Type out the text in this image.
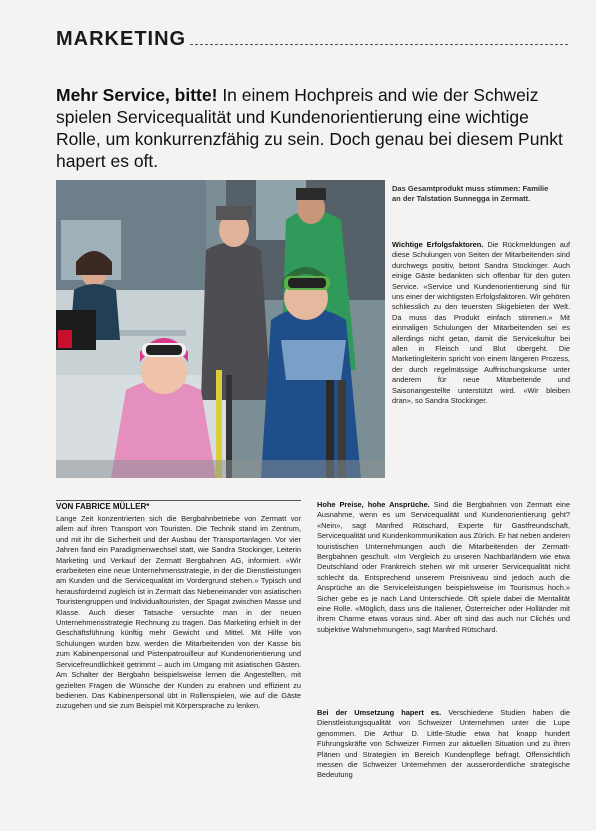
MARKETING
Mehr Service, bitte! In einem Hochpreis and wie der Schweiz spielen Servicequalität und Kundenorientierung eine wichtige Rolle, um konkurrenzfähig zu sein. Doch genau bei diesem Punkt hapert es oft.
Das Gesamtprodukt muss stimmen: Familie an der Talstation Sunnegga in Zermatt.
Wichtige Erfolgsfaktoren. Die Rückmeldungen auf diese Schulungen von Seiten der Mitarbeitenden sind durchwegs positiv, betont Sandra Stockinger. Auch einige Gäste bedankten sich offenbar für den guten Service. «Service und Kundenorientierung sind für uns einer der wichtigsten Erfolgsfaktoren. Wir gehören schliesslich zu den teuersten Skigebieten der Welt. Da muss das Produkt einfach stimmen.» Mit einmaligen Schulungen der Mitarbeitenden sei es allerdings nicht getan, damit die Servicekultur bei allen in Fleisch und Blut übergeht. Die Marketingleiterin spricht von einem längeren Prozess, der durch regelmässige Auffrischungskurse unter anderem für neue Mitarbeitende und Saisonangestellte unterstützt wird. «Wir bleiben dran», so Sandra Stockinger.
VON FABRICE MÜLLER*
Lange Zeit konzentrierten sich die Bergbahnbetriebe von Zermatt vor allem auf ihren Transport von Touristen. Die Technik stand im Zentrum, und mit ihr die Sicherheit und der Ausbau der Transportanlagen. Vor vier Jahren fand ein Paradigmenwechsel statt, wie Sandra Stockinger, Leiterin Marketing und Verkauf der Zermatt Bergbahnen AG, informiert. «Wir erarbeiteten eine neue Unternehmensstrategie, in der die Dienstleistungen am Kunden und die Servicequalität im Vordergrund stehen.» Typisch und herausfordernd zugleich ist in Zermatt das Nebeneinander von asiatischen Touristengruppen und Individualtouristen, der Spagat zwischen Masse und Klasse. Auch dieser Tatsache versuchte man in der neuen Unternehmensstrategie Rechnung zu tragen. Das Marketing erhielt in der Geschäftsführung künftig mehr Gewicht und Mittel. Mit Hilfe von Schulungen wurden bzw. werden die Mitarbeitenden von der Kasse bis zum Kabinenpersonal und Pistenpatrouilleur auf Kundenorientierung und Servicefreundlichkeit getrimmt – auch im Umgang mit asiatischen Gästen. Am Schalter der Bergbahn beispielsweise lernen die Angestellten, mit gezielten Fragen die Wünsche der Kunden zu erahnen und effizient zu bedienen. Das Kabinenpersonal übt in Rollenspielen, wie auf die Gäste zuzugehen und sie zum Beispiel mit Körpersprache zu lenken.
Hohe Preise, hohe Ansprüche. Sind die Bergbahnen von Zermatt eine Ausnahme, wenn es um Servicequalität und Kundenorientierung geht? «Nein», sagt Manfred Rütschard, Experte für Gastfreundschaft, Servicequalität und Kundenkommunikation aus Zürich. Er hat neben anderen touristischen Unternehmungen auch die Mitarbeitenden der Zermatt-Bergbahnen geschult. «Im Vergleich zu unseren Nachbarländern wie etwa Deutschland oder Frankreich stehen wir mit unserer Servicequalität nicht schlecht da. Entsprechend unserem Preisniveau sind jedoch auch die Ansprüche an die Serviceleistungen beispielsweise im Tourismus hoch.» Sicher gebe es je nach Land Unterschiede. Oft spiele dabei die Mentalität eine Rolle. «Möglich, dass uns die Italiener, Österreicher oder Holländer mit ihrem Charme etwas voraus sind. Aber oft sind das auch nur Clichés und subjektive Wahrnehmungen», sagt Manfred Rütschard.
Bei der Umsetzung hapert es. Verschiedene Studien haben die Dienstleistungsqualität von Schweizer Unternehmen unter die Lupe genommen. Die Arthur D. Little-Studie etwa hat knapp hundert Führungskräfte von Schweizer Firmen zur aktuellen Situation und zu ihren Plänen und Strategien im Bereich Kundenpflege befragt. Offensichtlich messen die Schweizer Unternehmen der ausserordentliche strategische Bedeutung
